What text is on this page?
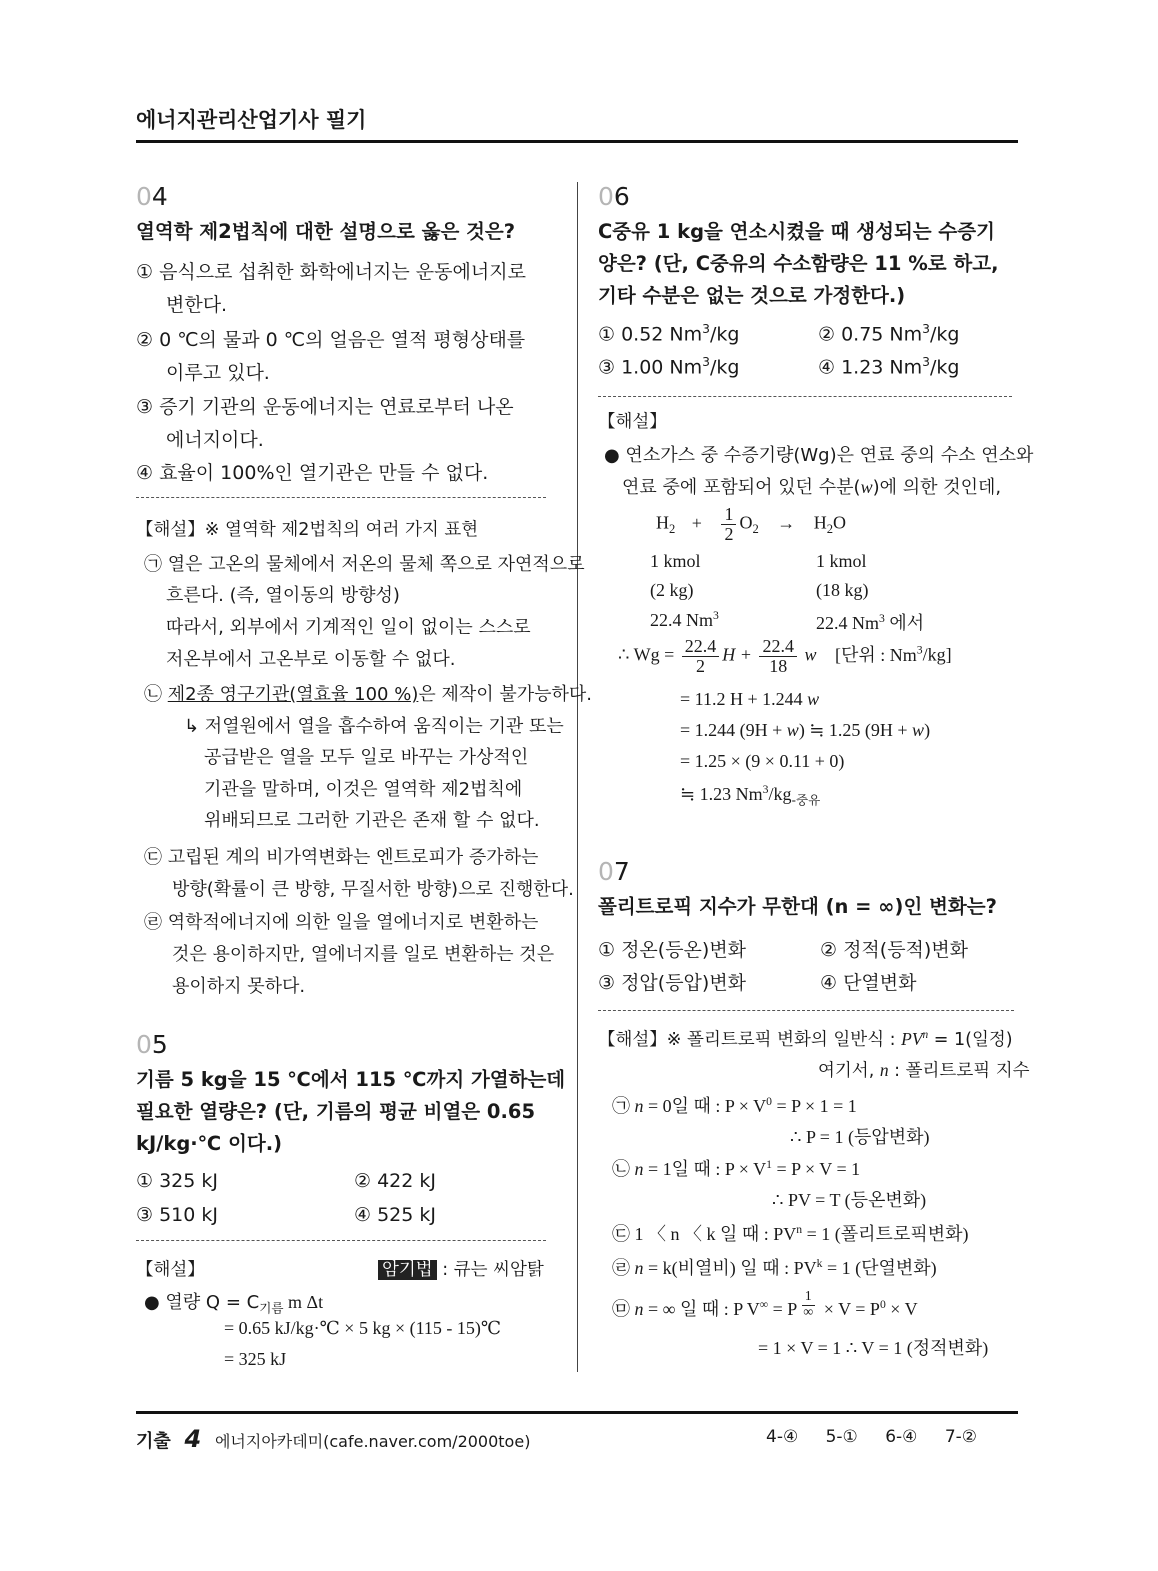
에너지관리산업기사 필기
04
열역학 제2법칙에 대한 설명으로 옳은 것은?
① 음식으로 섭취한 화학에너지는 운동에너지로
변한다.
② 0 ℃의 물과 0 ℃의 얼음은 열적 평형상태를
이루고 있다.
③ 증기 기관의 운동에너지는 연료로부터 나온
에너지이다.
④ 효율이 100%인 열기관은 만들 수 없다.
【해설】※ 열역학 제2법칙의 여러 가지 표현
㉠ 열은 고온의 물체에서 저온의 물체 쪽으로 자연적으로
흐른다. (즉, 열이동의 방향성)
따라서, 외부에서 기계적인 일이 없이는 스스로
저온부에서 고온부로 이동할 수 없다.
㉡ 제2종 영구기관(열효율 100 %)은 제작이 불가능하다.
↳ 저열원에서 열을 흡수하여 움직이는 기관 또는
공급받은 열을 모두 일로 바꾸는 가상적인
기관을 말하며, 이것은 열역학 제2법칙에
위배되므로 그러한 기관은 존재 할 수 없다.
㉢ 고립된 계의 비가역변화는 엔트로피가 증가하는
방향(확률이 큰 방향, 무질서한 방향)으로 진행한다.
㉣ 역학적에너지에 의한 일을 열에너지로 변환하는
것은 용이하지만, 열에너지를 일로 변환하는 것은
용이하지 못하다.
05
기름 5 kg을 15 ℃에서 115 ℃까지 가열하는데
필요한 열량은? (단, 기름의 평균 비열은 0.65
kJ/kg·℃ 이다.)
① 325 kJ	② 422 kJ
③ 510 kJ	④ 525 kJ
【해설】	암기법 : 큐는 씨암탉
● 열량 $Q = C_{기름}$ m Δt
= 0.65 kJ/kg·℃ × 5 kg × (115 - 15)℃
= 325 kJ
06
C중유 1 kg을 연소시켰을 때 생성되는 수증기
양은? (단, C중유의 수소함량은 11 %로 하고,
기타 수분은 없는 것으로 가정한다.)
① 0.52 Nm$^3$/kg	② 0.75 Nm$^3$/kg
③ 1.00 Nm$^3$/kg	④ 1.23 Nm$^3$/kg
【해설】
● 연소가스 중 수증기량(Wg)은 연료 중의 수소 연소와
연료 중에 포함되어 있던 수분(w)에 의한 것인데,
$H_2 + \frac{1}{2} O_2 \to H_2O$
1 kmol	1 kmol
(2 kg)	(18 kg)
22.4 Nm$^3$	22.4 Nm$^3$ 에서
∴ $Wg = \frac{22.4}{2}$ $H + \frac{22.4}{18}$ w [단위 : $Nm^3/kg$]
= 11.2 H + 1.244 w
= 1.244 (9H + w) ≒ 1.25 (9H + w)
= 1.25 × (9 × 0.11 + 0)
≒ 1.23 $Nm^3/kg_{-중유}$
07
폴리트로픽 지수가 무한대 (n = ∞)인 변화는?
① 정온(등온)변화	② 정적(등적)변화
③ 정압(등압)변화	④ 단열변화
【해설】※ 폴리트로픽 변화의 일반식 : $PV^n = 1$(일정)
여기서, n : 폴리트로픽 지수
㉠ n = 0일 때 : $P \times V^0 = P \times 1 = 1$
∴ P = 1 (등압변화)
㉡ n = 1일 때 : $P \times V^1 = P \times V = 1$
∴ PV = T (등온변화)
㉢ 1 〈 n 〈 k 일 때 : $PV^n = 1$ (폴리트로픽변화)
㉣ n = k(비열비) 일 때 : $PV^k = 1$ (단열변화)
㉤ n = ∞ 일 때 : P V∞ = P $^{\frac{1}{\infty}} \times V = P^0 \times V$
= 1 × V = 1 ∴ V = 1 (정적변화)
기출 4 에너지아카데미(cafe.naver.com/2000toe)	4-④ 5-① 6-④ 7-②
